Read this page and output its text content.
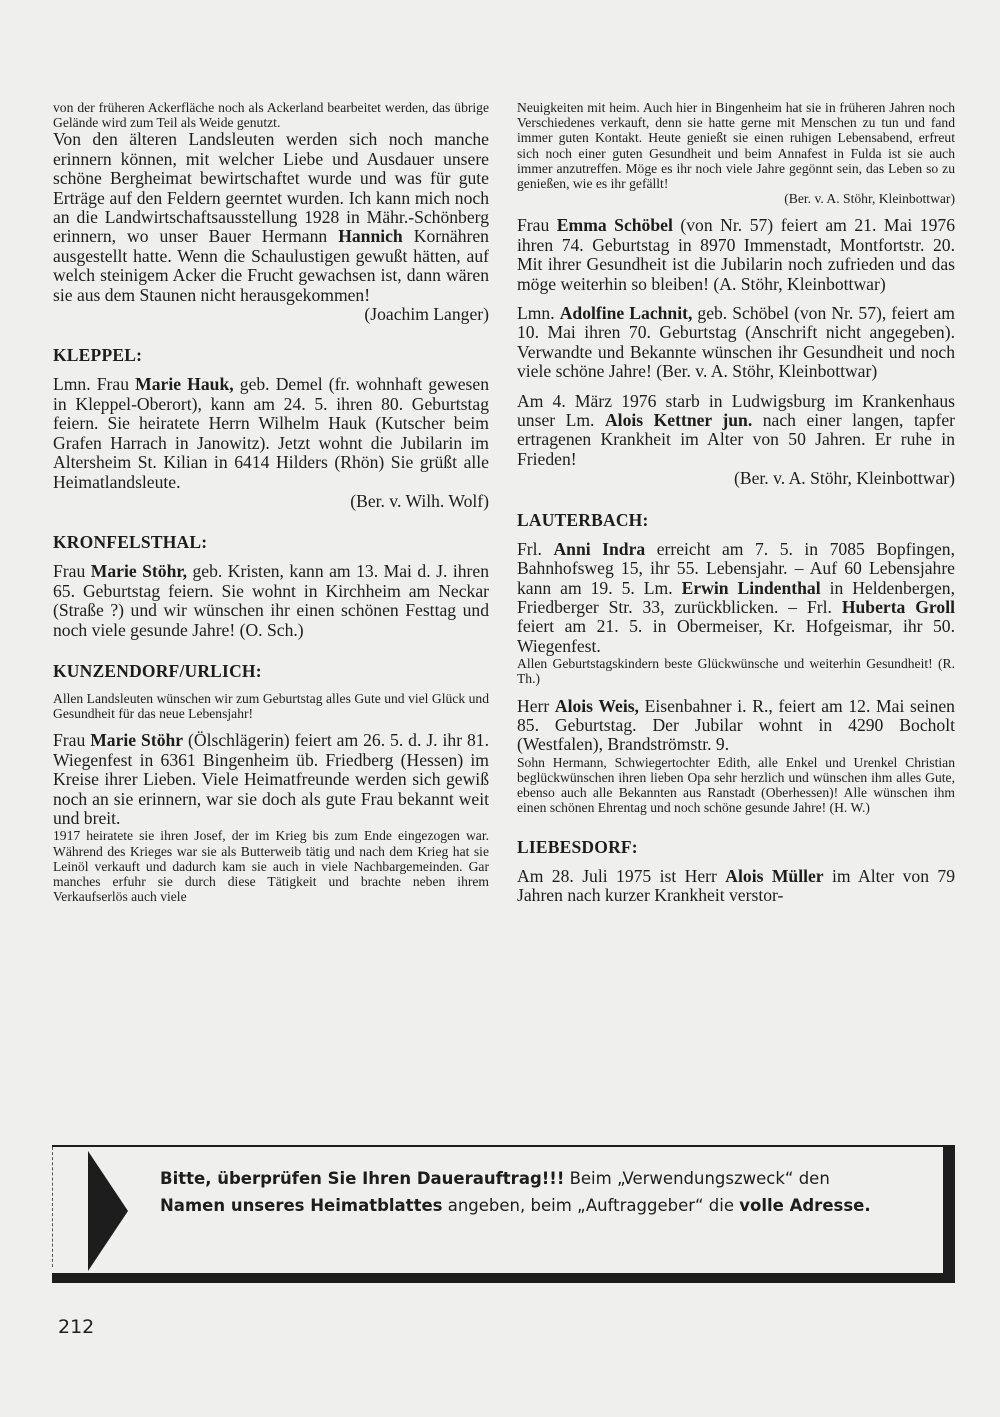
von der früheren Ackerfläche noch als Ackerland bearbeitet werden, das übrige Gelände wird zum Teil als Weide genutzt.

Von den älteren Landsleuten werden sich noch manche erinnern können, mit welcher Liebe und Ausdauer unsere schöne Bergheimat bewirtschaftet wurde und was für gute Erträge auf den Feldern geerntet wurden. Ich kann mich noch an die Landwirtschaftsausstellung 1928 in Mähr.-Schönberg erinnern, wo unser Bauer Hermann Hannich Kornähren ausgestellt hatte. Wenn die Schaulustigen gewußt hätten, auf welch steinigem Acker die Frucht gewachsen ist, dann wären sie aus dem Staunen nicht herausgekommen!

(Joachim Langer)

KLEPPEL:

Lmn. Frau Marie Hauk, geb. Demel (fr. wohnhaft gewesen in Kleppel-Oberort), kann am 24. 5. ihren 80. Geburtstag feiern. Sie heiratete Herrn Wilhelm Hauk (Kutscher beim Grafen Harrach in Janowitz). Jetzt wohnt die Jubilarin im Altersheim St. Kilian in 6414 Hilders (Rhön) Sie grüßt alle Heimatlandsleute.

(Ber. v. Wilh. Wolf)

KRONFELSTHAL:

Frau Marie Stöhr, geb. Kristen, kann am 13. Mai d. J. ihren 65. Geburtstag feiern. Sie wohnt in Kirchheim am Neckar (Straße ?) und wir wünschen ihr einen schönen Festtag und noch viele gesunde Jahre! (O. Sch.)

KUNZENDORF/URLICH:

Allen Landsleuten wünschen wir zum Geburtstag alles Gute und viel Glück und Gesundheit für das neue Lebensjahr!

Frau Marie Stöhr (Ölschlägerin) feiert am 26. 5. d. J. ihr 81. Wiegenfest in 6361 Bingenheim üb. Friedberg (Hessen) im Kreise ihrer Lieben. Viele Heimatfreunde werden sich gewiß noch an sie erinnern, war sie doch als gute Frau bekannt weit und breit.

1917 heiratete sie ihren Josef, der im Krieg bis zum Ende eingezogen war. Während des Krieges war sie als Butterweib tätig und nach dem Krieg hat sie Leinöl verkauft und dadurch kam sie auch in viele Nachbargemeinden. Gar manches erfuhr sie durch diese Tätigkeit und brachte neben ihrem Verkaufserlös auch viele

Neuigkeiten mit heim. Auch hier in Bingenheim hat sie in früheren Jahren noch Verschiedenes verkauft, denn sie hatte gerne mit Menschen zu tun und fand immer guten Kontakt. Heute genießt sie einen ruhigen Lebensabend, erfreut sich noch einer guten Gesundheit und beim Annafest in Fulda ist sie auch immer anzutreffen. Möge es ihr noch viele Jahre gegönnt sein, das Leben so zu genießen, wie es ihr gefällt!

(Ber. v. A. Stöhr, Kleinbottwar)

Frau Emma Schöbel (von Nr. 57) feiert am 21. Mai 1976 ihren 74. Geburtstag in 8970 Immenstadt, Montfortstr. 20. Mit ihrer Gesundheit ist die Jubilarin noch zufrieden und das möge weiterhin so bleiben! (A. Stöhr, Kleinbottwar)

Lmn. Adolfine Lachnit, geb. Schöbel (von Nr. 57), feiert am 10. Mai ihren 70. Geburtstag (Anschrift nicht angegeben). Verwandte und Bekannte wünschen ihr Gesundheit und noch viele schöne Jahre! (Ber. v. A. Stöhr, Kleinbottwar)

Am 4. März 1976 starb in Ludwigsburg im Krankenhaus unser Lm. Alois Kettner jun. nach einer langen, tapfer ertragenen Krankheit im Alter von 50 Jahren. Er ruhe in Frieden!

(Ber. v. A. Stöhr, Kleinbottwar)

LAUTERBACH:

Frl. Anni Indra erreicht am 7. 5. in 7085 Bopfingen, Bahnhofsweg 15, ihr 55. Lebensjahr. – Auf 60 Lebensjahre kann am 19. 5. Lm. Erwin Lindenthal in Heldenbergen, Friedberger Str. 33, zurückblicken. – Frl. Huberta Groll feiert am 21. 5. in Obermeiser, Kr. Hofgeismar, ihr 50. Wiegenfest.

Allen Geburtstagskindern beste Glückwünsche und weiterhin Gesundheit! (R. Th.)

Herr Alois Weis, Eisenbahner i. R., feiert am 12. Mai seinen 85. Geburtstag. Der Jubilar wohnt in 4290 Bocholt (Westfalen), Brandströmstr. 9.

Sohn Hermann, Schwiegertochter Edith, alle Enkel und Urenkel Christian beglückwünschen ihren lieben Opa sehr herzlich und wünschen ihm alles Gute, ebenso auch alle Bekannten aus Ranstadt (Oberhessen)! Alle wünschen ihm einen schönen Ehrentag und noch schöne gesunde Jahre! (H. W.)

LIEBESDORF:

Am 28. Juli 1975 ist Herr Alois Müller im Alter von 79 Jahren nach kurzer Krankheit verstor-

Bitte, überprüfen Sie Ihren Dauerauftrag!!! Beim „Verwendungszweck“ den Namen unseres Heimatblattes angeben, beim „Auftraggeber“ die volle Adresse.
212
